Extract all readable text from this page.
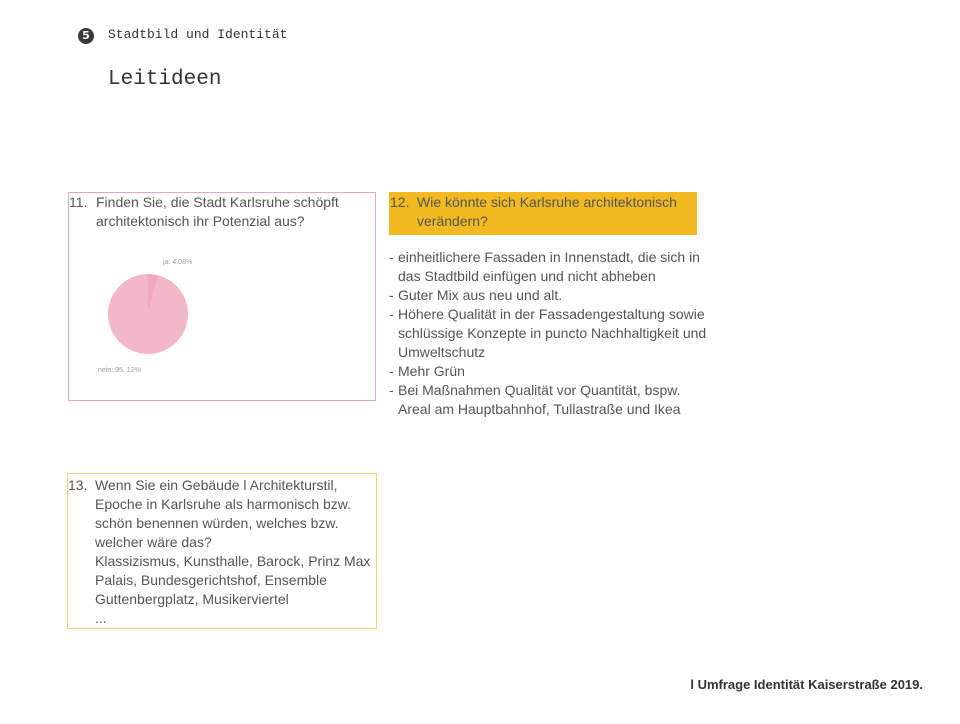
5	Stadtbild und Identität
Leitideen
11. Finden Sie, die Stadt Karlsruhe schöpft architektonisch ihr Potenzial aus?
ja: 4.08%
nein: 95. 12%
12. Wie könnte sich Karlsruhe architektonisch verändern?
- einheitlichere Fassaden in Innenstadt, die sich in das Stadtbild einfügen und nicht abheben
- Guter Mix aus neu und alt.
- Höhere Qualität in der Fassadengestaltung sowie schlüssige Konzepte in puncto Nachhaltigkeit und Umweltschutz
- Mehr Grün
- Bei Maßnahmen Qualität vor Quantität, bspw. Areal am Hauptbahnhof, Tullastraße und Ikea
13. Wenn Sie ein Gebäude l Architekturstil, Epoche in Karlsruhe als harmonisch bzw. schön benennen würden, welches bzw. welcher wäre das?
Klassizismus, Kunsthalle, Barock, Prinz Max Palais, Bundesgerichtshof, Ensemble Guttenbergplatz, Musikerviertel
...
l Umfrage Identität Kaiserstraße 2019.
